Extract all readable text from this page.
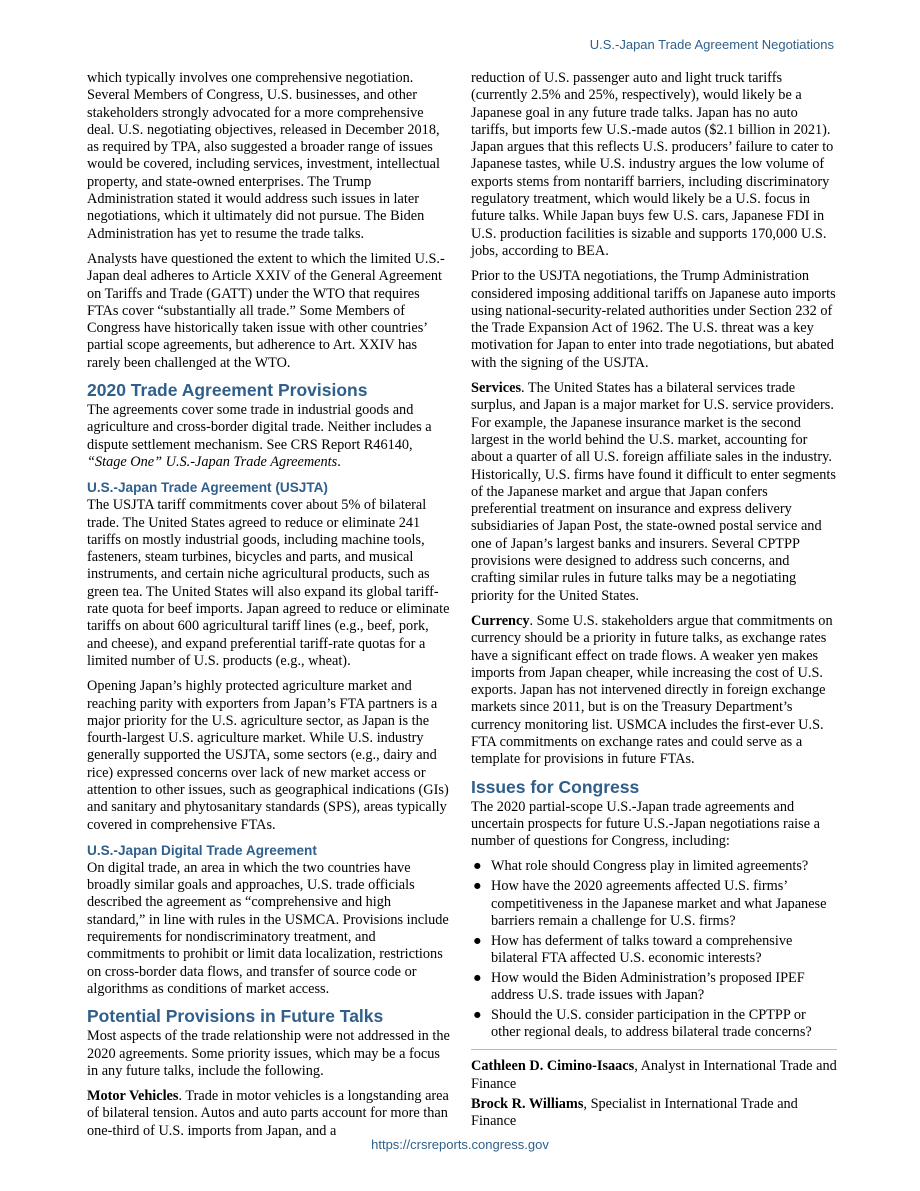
U.S.-Japan Trade Agreement Negotiations

which typically involves one comprehensive negotiation. Several Members of Congress, U.S. businesses, and other stakeholders strongly advocated for a more comprehensive deal. U.S. negotiating objectives, released in December 2018, as required by TPA, also suggested a broader range of issues would be covered, including services, investment, intellectual property, and state-owned enterprises. The Trump Administration stated it would address such issues in later negotiations, which it ultimately did not pursue. The Biden Administration has yet to resume the trade talks.

Analysts have questioned the extent to which the limited U.S.-Japan deal adheres to Article XXIV of the General Agreement on Tariffs and Trade (GATT) under the WTO that requires FTAs cover “substantially all trade.” Some Members of Congress have historically taken issue with other countries’ partial scope agreements, but adherence to Art. XXIV has rarely been challenged at the WTO.

2020 Trade Agreement Provisions

The agreements cover some trade in industrial goods and agriculture and cross-border digital trade. Neither includes a dispute settlement mechanism. See CRS Report R46140, “Stage One” U.S.-Japan Trade Agreements.

U.S.-Japan Trade Agreement (USJTA)

The USJTA tariff commitments cover about 5% of bilateral trade. The United States agreed to reduce or eliminate 241 tariffs on mostly industrial goods, including machine tools, fasteners, steam turbines, bicycles and parts, and musical instruments, and certain niche agricultural products, such as green tea. The United States will also expand its global tariff-rate quota for beef imports. Japan agreed to reduce or eliminate tariffs on about 600 agricultural tariff lines (e.g., beef, pork, and cheese), and expand preferential tariff-rate quotas for a limited number of U.S. products (e.g., wheat).

Opening Japan’s highly protected agriculture market and reaching parity with exporters from Japan’s FTA partners is a major priority for the U.S. agriculture sector, as Japan is the fourth-largest U.S. agriculture market. While U.S. industry generally supported the USJTA, some sectors (e.g., dairy and rice) expressed concerns over lack of new market access or attention to other issues, such as geographical indications (GIs) and sanitary and phytosanitary standards (SPS), areas typically covered in comprehensive FTAs.

U.S.-Japan Digital Trade Agreement

On digital trade, an area in which the two countries have broadly similar goals and approaches, U.S. trade officials described the agreement as “comprehensive and high standard,” in line with rules in the USMCA. Provisions include requirements for nondiscriminatory treatment, and commitments to prohibit or limit data localization, restrictions on cross-border data flows, and transfer of source code or algorithms as conditions of market access.

Potential Provisions in Future Talks

Most aspects of the trade relationship were not addressed in the 2020 agreements. Some priority issues, which may be a focus in any future talks, include the following.

Motor Vehicles. Trade in motor vehicles is a longstanding area of bilateral tension. Autos and auto parts account for more than one-third of U.S. imports from Japan, and a

reduction of U.S. passenger auto and light truck tariffs (currently 2.5% and 25%, respectively), would likely be a Japanese goal in any future trade talks. Japan has no auto tariffs, but imports few U.S.-made autos ($2.1 billion in 2021). Japan argues that this reflects U.S. producers’ failure to cater to Japanese tastes, while U.S. industry argues the low volume of exports stems from nontariff barriers, including discriminatory regulatory treatment, which would likely be a U.S. focus in future talks. While Japan buys few U.S. cars, Japanese FDI in U.S. production facilities is sizable and supports 170,000 U.S. jobs, according to BEA.

Prior to the USJTA negotiations, the Trump Administration considered imposing additional tariffs on Japanese auto imports using national-security-related authorities under Section 232 of the Trade Expansion Act of 1962. The U.S. threat was a key motivation for Japan to enter into trade negotiations, but abated with the signing of the USJTA.

Services. The United States has a bilateral services trade surplus, and Japan is a major market for U.S. service providers. For example, the Japanese insurance market is the second largest in the world behind the U.S. market, accounting for about a quarter of all U.S. foreign affiliate sales in the industry. Historically, U.S. firms have found it difficult to enter segments of the Japanese market and argue that Japan confers preferential treatment on insurance and express delivery subsidiaries of Japan Post, the state-owned postal service and one of Japan’s largest banks and insurers. Several CPTPP provisions were designed to address such concerns, and crafting similar rules in future talks may be a negotiating priority for the United States.

Currency. Some U.S. stakeholders argue that commitments on currency should be a priority in future talks, as exchange rates have a significant effect on trade flows. A weaker yen makes imports from Japan cheaper, while increasing the cost of U.S. exports. Japan has not intervened directly in foreign exchange markets since 2011, but is on the Treasury Department’s currency monitoring list. USMCA includes the first-ever U.S. FTA commitments on exchange rates and could serve as a template for provisions in future FTAs.

Issues for Congress

The 2020 partial-scope U.S.-Japan trade agreements and uncertain prospects for future U.S.-Japan negotiations raise a number of questions for Congress, including:

● What role should Congress play in limited agreements?
● How have the 2020 agreements affected U.S. firms’ competitiveness in the Japanese market and what Japanese barriers remain a challenge for U.S. firms?
● How has deferment of talks toward a comprehensive bilateral FTA affected U.S. economic interests?
● How would the Biden Administration’s proposed IPEF address U.S. trade issues with Japan?
● Should the U.S. consider participation in the CPTPP or other regional deals, to address bilateral trade concerns?
Cathleen D. Cimino-Isaacs, Analyst in International Trade and Finance
Brock R. Williams, Specialist in International Trade and Finance
https://crsreports.congress.gov
